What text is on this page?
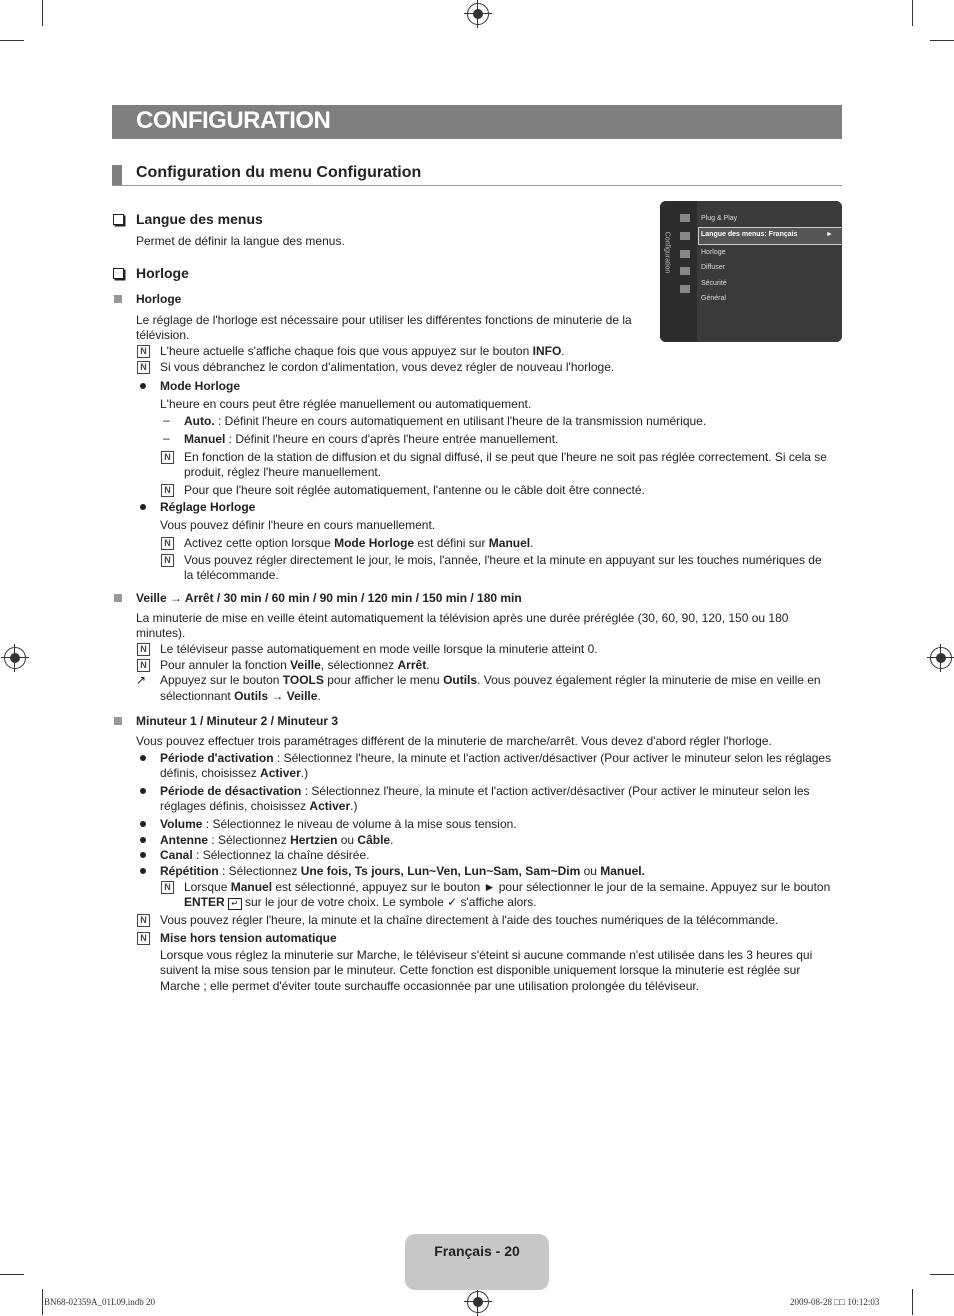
CONFIGURATION
Configuration du menu Configuration
Configuration
Plug & Play
Langue des menus: Français	►
Horloge
Diffuser
Sécurité
Général
Langue des menus
Permet de définir la langue des menus.
Horloge
Horloge
Le réglage de l'horloge est nécessaire pour utiliser les différentes fonctions de minuterie de la
télévision.
N L'heure actuelle s'affiche chaque fois que vous appuyez sur le bouton INFO.
N Si vous débranchez le cordon d'alimentation, vous devez régler de nouveau l'horloge.
Mode Horloge
L'heure en cours peut être réglée manuellement ou automatiquement.
– Auto. : Définit l'heure en cours automatiquement en utilisant l'heure de la transmission numérique.
– Manuel : Définit l'heure en cours d'après l'heure entrée manuellement.
N En fonction de la station de diffusion et du signal diffusé, il se peut que l'heure ne soit pas réglée correctement. Si cela se
produit, réglez l'heure manuellement.
N Pour que l'heure soit réglée automatiquement, l'antenne ou le câble doit être connecté.
Réglage Horloge
Vous pouvez définir l'heure en cours manuellement.
N Activez cette option lorsque Mode Horloge est défini sur Manuel.
N Vous pouvez régler directement le jour, le mois, l'année, l'heure et la minute en appuyant sur les touches numériques de
la télécommande.
Veille → Arrêt / 30 min / 60 min / 90 min / 120 min / 150 min / 180 min
La minuterie de mise en veille éteint automatiquement la télévision après une durée préréglée (30, 60, 90, 120, 150 ou 180
minutes).
N Le téléviseur passe automatiquement en mode veille lorsque la minuterie atteint 0.
N Pour annuler la fonction Veille, sélectionnez Arrêt.
↗ Appuyez sur le bouton TOOLS pour afficher le menu Outils. Vous pouvez également régler la minuterie de mise en veille en
sélectionnant Outils → Veille.
Minuteur 1 / Minuteur 2 / Minuteur 3
Vous pouvez effectuer trois paramétrages différent de la minuterie de marche/arrêt. Vous devez d'abord régler l'horloge.
Période d'activation : Sélectionnez l'heure, la minute et l'action activer/désactiver (Pour activer le minuteur selon les réglages
définis, choisissez Activer.)
Période de désactivation : Sélectionnez l'heure, la minute et l'action activer/désactiver (Pour activer le minuteur selon les
réglages définis, choisissez Activer.)
Volume : Sélectionnez le niveau de volume à la mise sous tension.
Antenne : Sélectionnez Hertzien ou Câble.
Canal : Sélectionnez la chaîne désirée.
Répétition : Sélectionnez Une fois, Ts jours, Lun~Ven, Lun~Sam, Sam~Dim ou Manuel.
N Lorsque Manuel est sélectionné, appuyez sur le bouton ► pour sélectionner le jour de la semaine. Appuyez sur le bouton
ENTER ↵ sur le jour de votre choix. Le symbole ✓ s'affiche alors.
N Vous pouvez régler l'heure, la minute et la chaîne directement à l'aide des touches numériques de la télécommande.
N Mise hors tension automatique
Lorsque vous réglez la minuterie sur Marche, le téléviseur s'éteint si aucune commande n'est utilisée dans les 3 heures qui
suivent la mise sous tension par le minuteur. Cette fonction est disponible uniquement lorsque la minuterie est réglée sur
Marche ; elle permet d'éviter toute surchauffe occasionnée par une utilisation prolongée du téléviseur.
Français - 20
BN68-02359A_01L09.indb 20	2009-08-28 □□ 10:12:03
